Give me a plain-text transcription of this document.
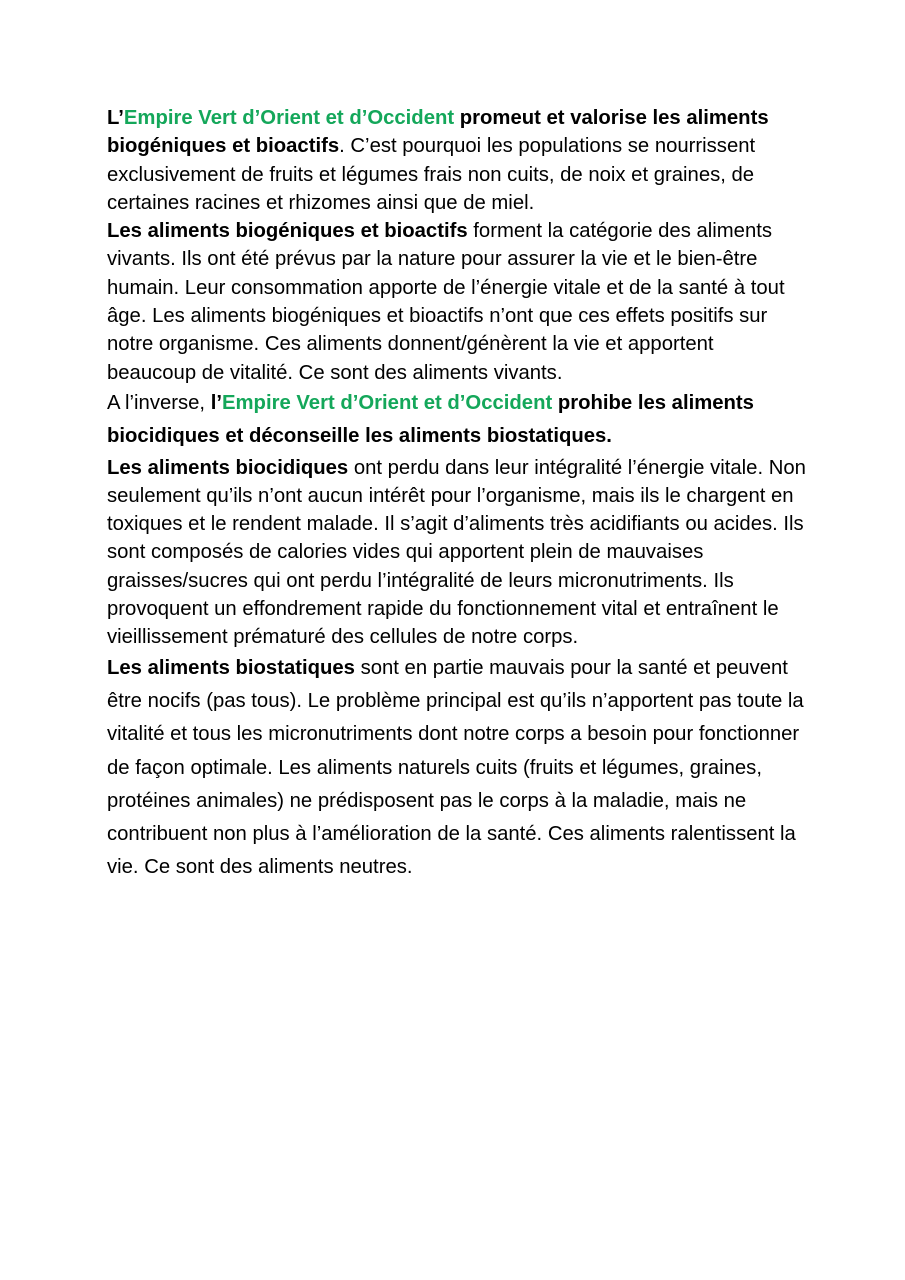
L’Empire Vert d’Orient et d’Occident promeut et valorise les aliments
biogéniques et bioactifs. C’est pourquoi les populations se nourrissent
exclusivement de fruits et légumes frais non cuits, de noix et graines, de
certaines racines et rhizomes ainsi que de miel.

Les aliments biogéniques et bioactifs forment la catégorie des aliments
vivants. Ils ont été prévus par la nature pour assurer la vie et le bien-être
humain. Leur consommation apporte de l’énergie vitale et de la santé à tout
âge. Les aliments biogéniques et bioactifs n’ont que ces effets positifs sur
notre organisme. Ces aliments donnent/génèrent la vie et apportent
beaucoup de vitalité. Ce sont des aliments vivants.

A l’inverse, l’Empire Vert d’Orient et d’Occident prohibe les aliments
biocidiques et déconseille les aliments biostatiques.

Les aliments biocidiques ont perdu dans leur intégralité l’énergie vitale. Non
seulement qu’ils n’ont aucun intérêt pour l’organisme, mais ils le chargent en
toxiques et le rendent malade. Il s’agit d’aliments très acidifiants ou acides. Ils
sont composés de calories vides qui apportent plein de mauvaises
graisses/sucres qui ont perdu l’intégralité de leurs micronutriments. Ils
provoquent un effondrement rapide du fonctionnement vital et entraînent le
vieillissement prématuré des cellules de notre corps.

Les aliments biostatiques sont en partie mauvais pour la santé et peuvent
être nocifs (pas tous). Le problème principal est qu’ils n’apportent pas toute la
vitalité et tous les micronutriments dont notre corps a besoin pour fonctionner
de façon optimale. Les aliments naturels cuits (fruits et légumes, graines,
protéines animales) ne prédisposent pas le corps à la maladie, mais ne
contribuent non plus à l’amélioration de la santé. Ces aliments ralentissent la
vie. Ce sont des aliments neutres.
